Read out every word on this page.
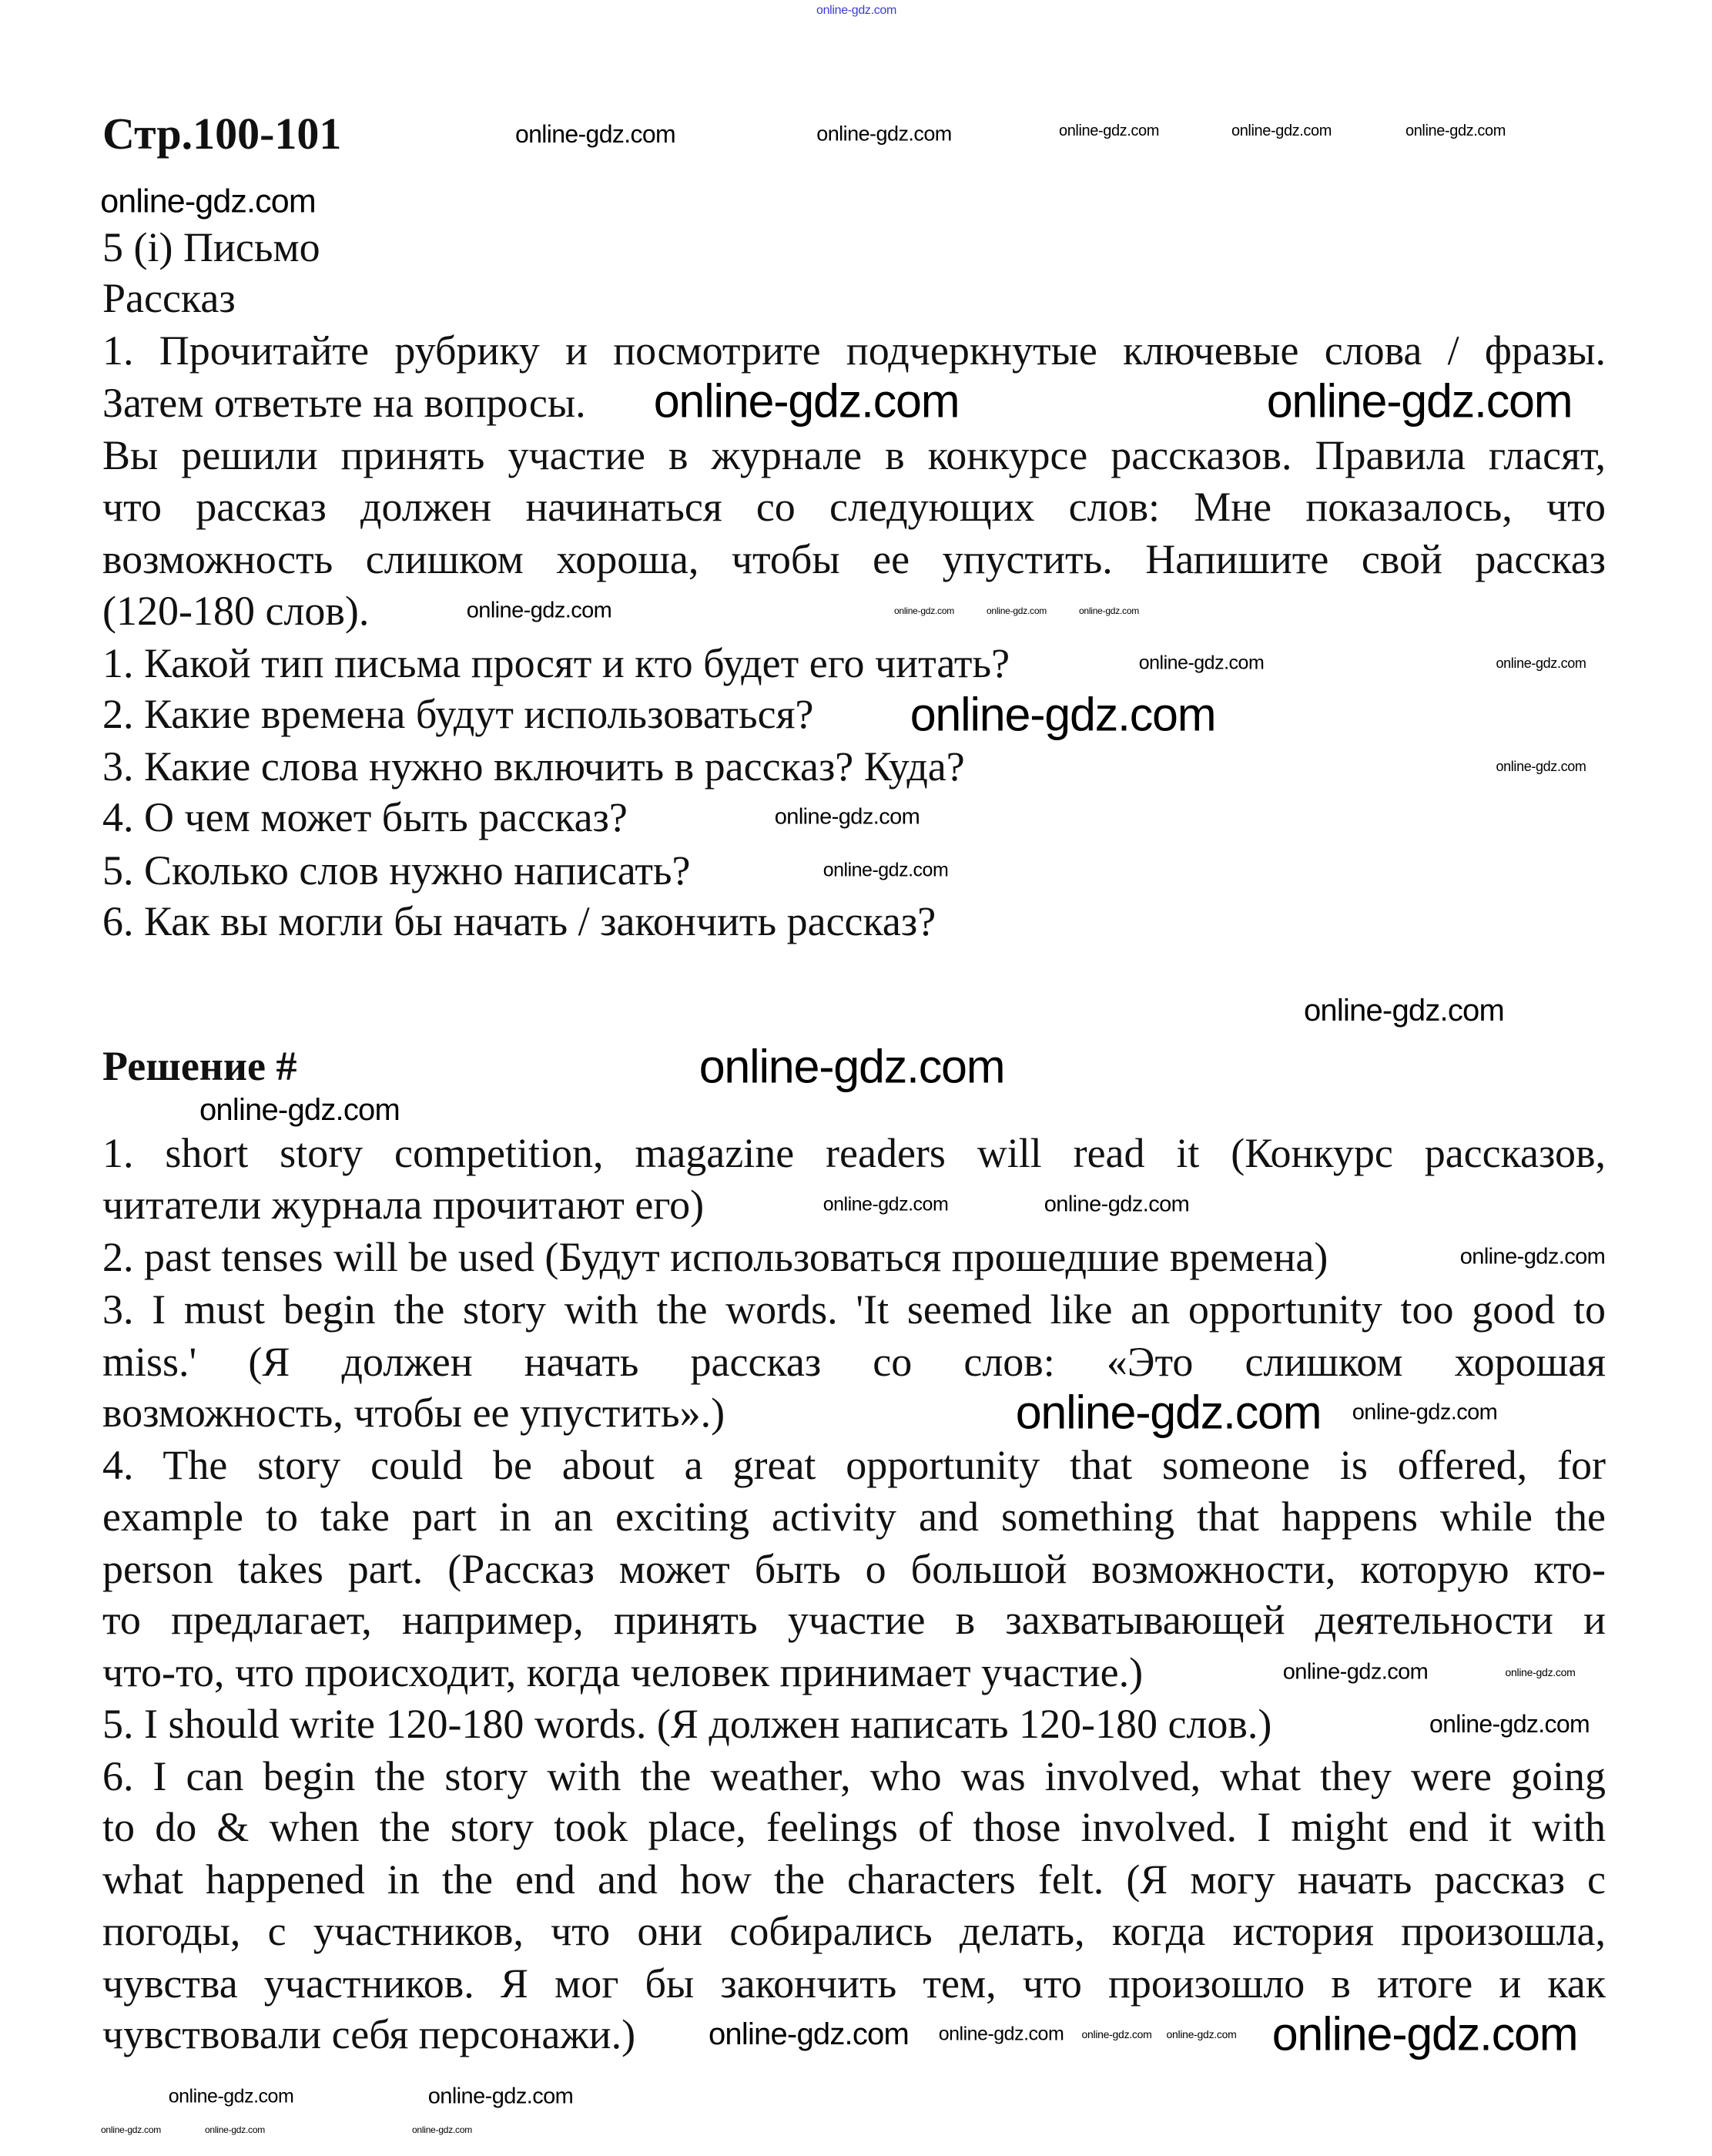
Стр.100-101
5 (i) Письмо
Рассказ
1. Прочитайте рубрику и посмотрите подчеркнутые ключевые слова / фразы.
Затем ответьте на вопросы.
Вы решили принять участие в журнале в конкурсе рассказов. Правила гласят,
что рассказ должен начинаться со следующих слов: Мне показалось, что
возможность слишком хороша, чтобы ее упустить. Напишите свой рассказ
(120-180 слов).
1. Какой тип письма просят и кто будет его читать?
2. Какие времена будут использоваться?
3. Какие слова нужно включить в рассказ? Куда?
4. О чем может быть рассказ?
5. Сколько слов нужно написать?
6. Как вы могли бы начать / закончить рассказ?
Решение #
1. short story competition, magazine readers will read it (Конкурс рассказов,
читатели журнала прочитают его)
2. past tenses will be used (Будут использоваться прошедшие времена)
3. I must begin the story with the words. 'It seemed like an opportunity too good to
miss.' (Я должен начать рассказ со слов: «Это слишком хорошая
возможность, чтобы ее упустить».)
4. The story could be about a great opportunity that someone is offered, for
example to take part in an exciting activity and something that happens while the
person takes part. (Рассказ может быть о большой возможности, которую кто-
то предлагает, например, принять участие в захватывающей деятельности и
что-то, что происходит, когда человек принимает участие.)
5. I should write 120-180 words. (Я должен написать 120-180 слов.)
6. I can begin the story with the weather, who was involved, what they were going
to do & when the story took place, feelings of those involved. I might end it with
what happened in the end and how the characters felt. (Я могу начать рассказ с
погоды, с участников, что они собирались делать, когда история произошла,
чувства участников. Я мог бы закончить тем, что произошло в итоге и как
чувствовали себя персонажи.)
online-gdz.com
online-gdz.com	online-gdz.com	online-gdz.com	online-gdz.com	online-gdz.com
online-gdz.com
online-gdz.com	online-gdz.com
online-gdz.com	online-gdz.com	online-gdz.com	online-gdz.com
online-gdz.com
online-gdz.com
online-gdz.com
online-gdz.com
online-gdz.com
online-gdz.com
online-gdz.com
online-gdz.com
online-gdz.com
online-gdz.com	online-gdz.com
online-gdz.com
online-gdz.com online-gdz.com
online-gdz.com	online-gdz.com
online-gdz.com
online-gdz.com online-gdz.com online-gdz.com online-gdz.com online-gdz.com
online-gdz.com	online-gdz.com
online-gdz.com	online-gdz.com	online-gdz.com
